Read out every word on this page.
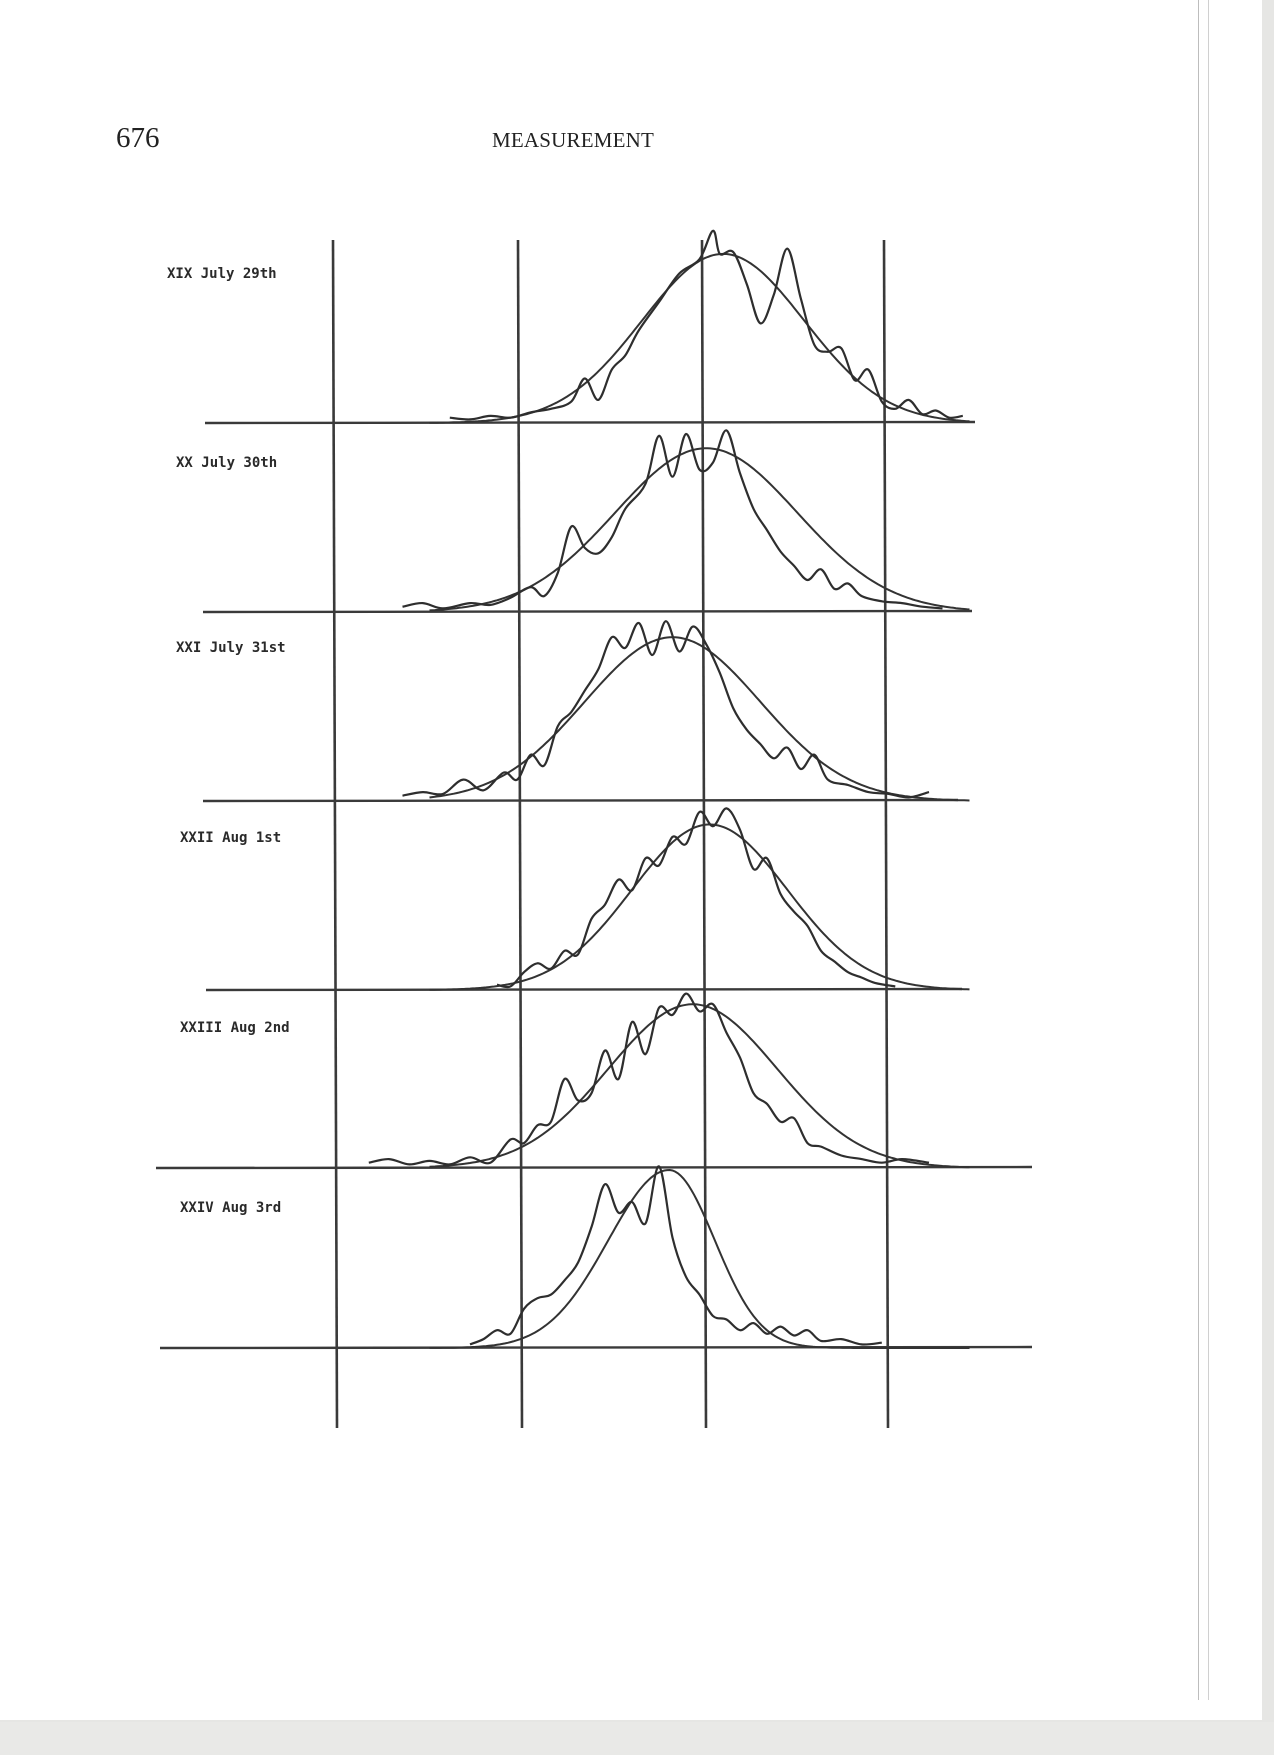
676	MEASUREMENT
XIX July 29th
XX July 30th
XXI July 31st
XXII Aug 1st
XXIII Aug 2nd
XXIV Aug 3rd
